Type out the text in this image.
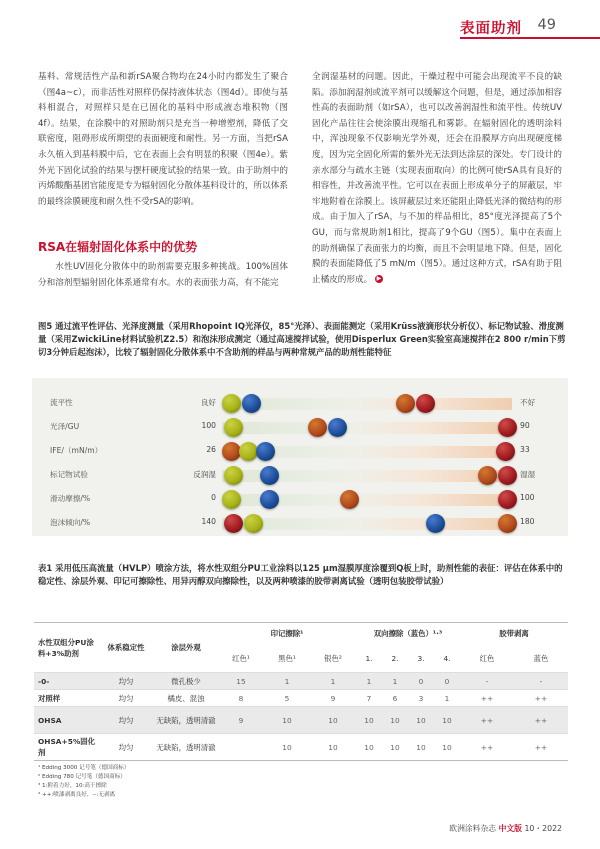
表面助剂 49

基料、常规活性产品和新rSA聚合物均在24小时内都发生了聚合（图4a~c），而非活性对照样仍保持液体状态（图4d）。即使与基料相混合，对照样只是在已固化的基料中形成液态堆积物（图4f）。结果，在涂膜中的对照助剂只是充当一种增塑剂，降低了交联密度，阻碍形成所期望的表面硬度和耐性。另一方面，当把rSA永久植入到基料膜中后，它在表面上会有明显的积聚（图4e）。紫外光下固化试验的结果与摆杆硬度试验的结果一致。由于助剂中的丙烯酸酯基团官能度是专为辐射固化分散体基料设计的，所以体系的最终涂膜硬度和耐久性不受rSA的影响。

RSA在辐射固化体系中的优势

水性UV固化分散体中的助剂需要克服多种挑战。100%固体分和溶剂型辐射固化体系通常有水。水的表面张力高，有不能完

全润湿基材的问题。因此，干燥过程中可能会出现流平不良的缺陷。添加润湿剂或流平剂可以缓解这个问题，但是，通过添加相容性高的表面助剂（如rSA），也可以改善润湿性和流平性。传统UV固化产品往往会使涂膜出现缩孔和雾影。在辐射固化的透明涂料中，浑浊现象不仅影响光学外观，还会在沿膜厚方向出现硬度梯度，因为完全固化所需的紫外光无法到达涂层的深处。专门设计的亲水部分与疏水主链（实现表面取向）的比例可使rSA具有良好的相容性，并改善流平性。它可以在表面上形成单分子的屏蔽层，牢牢地附着在涂膜上。该屏蔽层过来还能阻止降低光泽的微结构的形成。由于加入了rSA，与不加的样品相比，85°度光泽提高了5个GU，而与常规助剂1相比，提高了9个GU（图5）。集中在表面上的助剂确保了表面张力的均衡，而且不会明显地下降。但是，固化膜的表面能降低了5 mN/m（图5）。通过这种方式，rSA有助于阻止橘皮的形成。 ▶

图5 通过流平性评估、光泽度测量（采用Rhopoint IQ光泽仪，85°光泽）、表面能测定（采用Krüss液滴形状分析仪）、标记物试验、滑度测量（采用ZwickiLine材料试验机Z2.5）和泡沫形成测定（通过高速搅拌试验，使用Disperlux Green实验室高速搅拌在2 800 r/min下剪切3分钟后起泡沫），比较了辐射固化分散体系中不含助剂的样品与两种常规产品的助剂性能特征
流平性	良好	不好
光泽/GU	100	90
IFE/（mN/m）	26	33
标记物试验	反润湿	湿湿
滑动摩擦/%	0	100
泡沫倾向/%	140	180
表1 采用低压高流量（HVLP）喷涂方法，将水性双组分PU工业涂料以125 µm湿膜厚度涂覆到Q板上时，助剂性能的表征：评估在体系中的稳定性、涂层外观、印记可擦除性、用异丙醇双向擦除性，以及两种喷漆的胶带剥离试验（透明包装胶带试验）
水性双组分PU涂料+3%助剂	体系稳定性	涂层外观	印记擦除¹			双向擦除（蓝色）¹·³				胶带剥离	
			红色¹	黑色¹	银色²	1.	2.	3.	4.	红色	蓝色
-0-	均匀	微孔极少	15	1	1	1	1	0	0	-	-
对照样	均匀	橘皮、混浊	8	5	9	7	6	3	1	++	++
OHSA	均匀	无缺陷，透明清澈	9	10	10	10	10	10	10	++	++
OHSA+5%固化剂	均匀	无缺陷，透明清澈		10	10	10	10	10	10	++	++
¹ Edding 3000 记号笔（德国商标）
² Edding 780 记号笔（德国商标）
³ 1:附着力好，10:高干擦除
⁴ ++:喷漆剥离良好，--:无剥离
欧洲涂料杂志 中文版 10・2022
